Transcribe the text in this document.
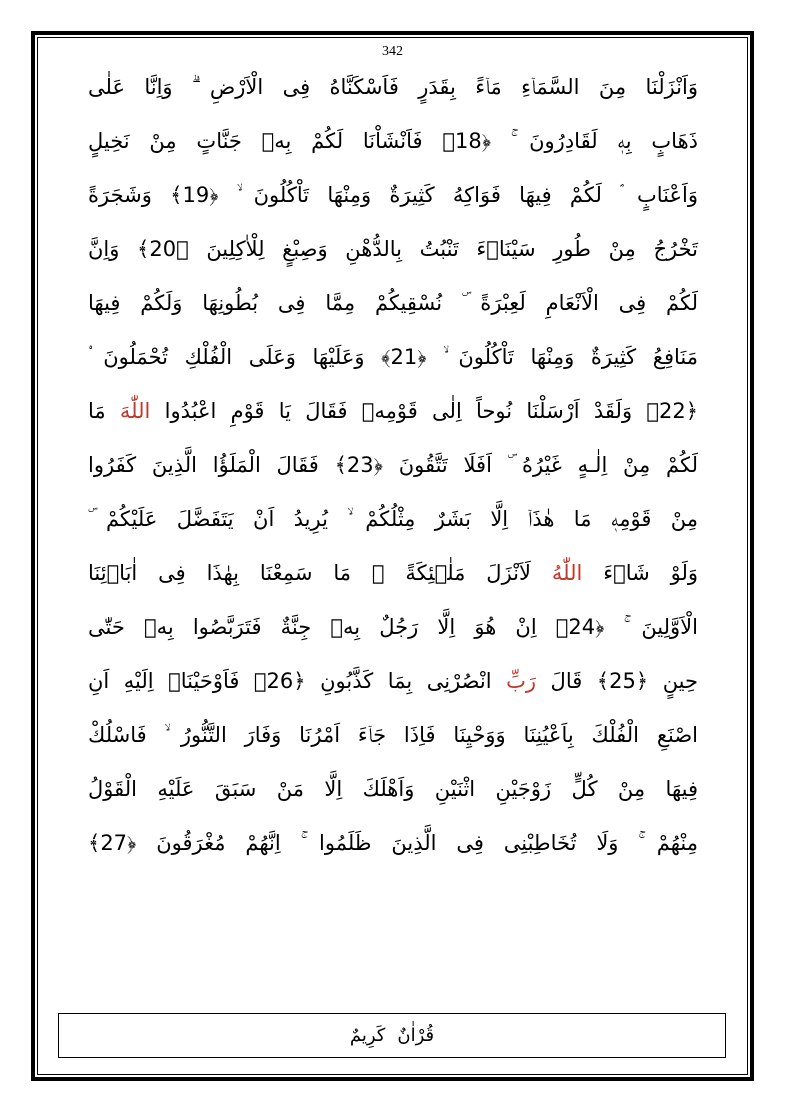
342
وَاَنْزَلْنَا مِنَ السَّمَاۤءِ مَاۤءً بِقَدَرٍ فَاَسْكَنَّاهُ فِى الْاَرْضِ ۗ وَاِنَّا عَلٰى
ذَهَابٍ بِهٖ لَقَادِرُونَ ۚ ﴿18﴾ فَاَنْشَاْنَا لَكُمْ بِهٖ جَنَّاتٍ مِنْ نَخِيلٍ
وَاَعْنَابٍ ۘ لَكُمْ فِيهَا فَوَاكِهُ كَثِيرَةٌ وَمِنْهَا تَاْكُلُونَ ۙ ﴿19﴾ وَشَجَرَةً
تَخْرُجُ مِنْ طُورِ سَيْنَاۤءَ تَنْبُتُ بِالدُّهْنِ وَصِبْغٍ لِلْاٰكِلِينَ ﴿20﴾ وَاِنَّ
لَكُمْ فِى الْاَنْعَامِ لَعِبْرَةً ۜ نُسْقِيكُمْ مِمَّا فِى بُطُونِهَا وَلَكُمْ فِيهَا
مَنَافِعُ كَثِيرَةٌ وَمِنْهَا تَاْكُلُونَ ۙ ﴿21﴾ وَعَلَيْهَا وَعَلَى الْفُلْكِ تُحْمَلُونَ ۟
﴿22﴾ وَلَقَدْ اَرْسَلْنَا نُوحاً اِلٰى قَوْمِهٖ فَقَالَ يَا قَوْمِ اعْبُدُوا اللّٰهَ مَا
لَكُمْ مِنْ اِلٰـهٍ غَيْرُهُ ۜ اَفَلَا تَتَّقُونَ ﴿23﴾ فَقَالَ الْمَلَؤُا الَّذِينَ كَفَرُوا
مِنْ قَوْمِهٖ مَا هٰذَاۤ اِلَّا بَشَرٌ مِثْلُكُمْ ۙ يُرِيدُ اَنْ يَتَفَضَّلَ عَلَيْكُمْ ۜ
وَلَوْ شَاۤءَ اللّٰهُ لَاَنْزَلَ مَلٰۤئِكَةً ۚ مَا سَمِعْنَا بِهٰذَا فِى اٰبَاۤئِنَا
الْاَوَّلِينَ ۚ ﴿24﴾ اِنْ هُوَ اِلَّا رَجُلٌ بِهٖ جِنَّةٌ فَتَرَبَّصُوا بِهٖ حَتّٰى
حِينٍ ﴿25﴾ قَالَ رَبِّ انْصُرْنِى بِمَا كَذَّبُونِ ﴿26﴾ فَاَوْحَيْنَاۤ اِلَيْهِ اَنِ
اصْنَعِ الْفُلْكَ بِاَعْيُنِنَا وَوَحْيِنَا فَاِذَا جَاۤءَ اَمْرُنَا وَفَارَ التَّنُّورُ ۙ فَاسْلُكْ
فِيهَا مِنْ كُلٍّ زَوْجَيْنِ اثْنَيْنِ وَاَهْلَكَ اِلَّا مَنْ سَبَقَ عَلَيْهِ الْقَوْلُ
مِنْهُمْ ۚ وَلَا تُخَاطِبْنِى فِى الَّذِينَ ظَلَمُوا ۚ اِنَّهُمْ مُغْرَقُونَ ﴿27﴾
قُرْاٰنٌ
كَرِيمٌ
